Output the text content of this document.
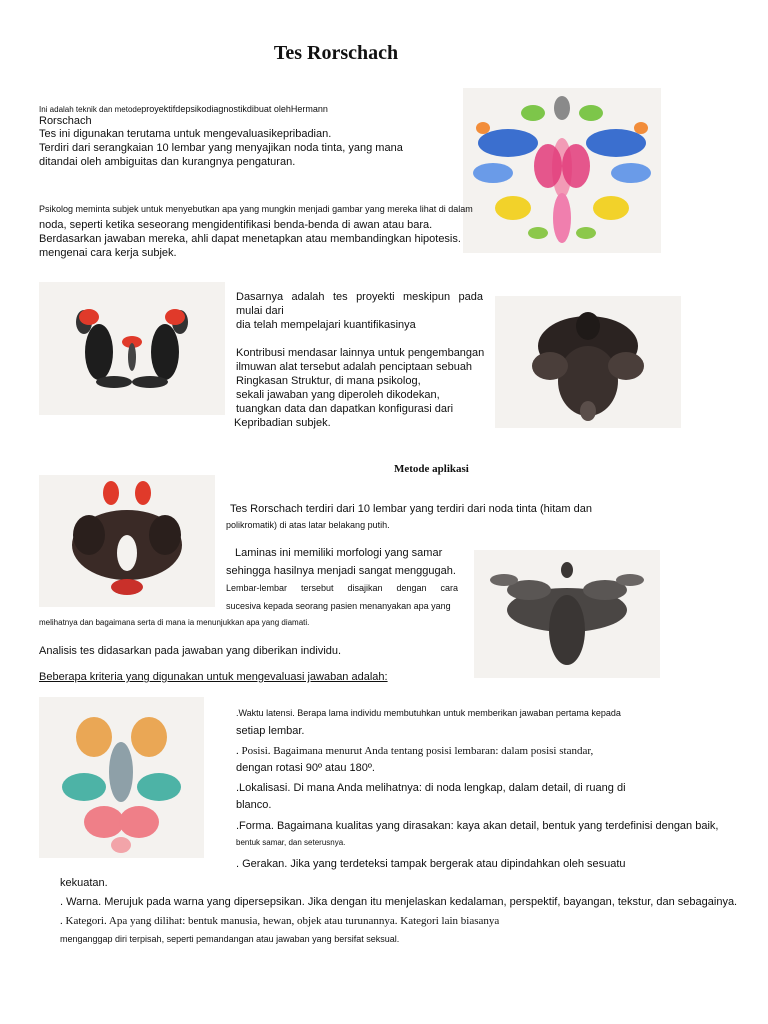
Tes Rorschach
Ini adalah teknik dan metodeproyektifdepsikodiagnostikdibuat olehHermann
Rorschach
Tes ini digunakan terutama untuk mengevaluasikepribadian.
Terdiri dari serangkaian 10 lembar yang menyajikan noda tinta, yang mana
ditandai oleh ambiguitas dan kurangnya pengaturan.
Psikolog meminta subjek untuk menyebutkan apa yang mungkin menjadi gambar yang mereka lihat di dalam
noda, seperti ketika seseorang mengidentifikasi benda-benda di awan atau bara.
Berdasarkan jawaban mereka, ahli dapat menetapkan atau membandingkan hipotesis.
mengenai cara kerja subjek.
Dasarnya adalah tes proyekti meskipun pada
mulai dari
dia telah mempelajari kuantifikasinya
Kontribusi mendasar lainnya untuk pengembangan
ilmuwan alat tersebut adalah penciptaan sebuah
Ringkasan Struktur, di mana psikolog,
sekali jawaban yang diperoleh dikodekan,
tuangkan data dan dapatkan konfigurasi dari
Kepribadian subjek.
Metode aplikasi
Tes Rorschach terdiri dari 10 lembar yang terdiri dari noda tinta (hitam dan
polikromatik) di atas latar belakang putih.
Laminas ini memiliki morfologi yang samar
sehingga hasilnya menjadi sangat menggugah.
Lembar-lembar tersebut disajikan dengan cara
sucesiva kepada seorang pasien menanyakan apa yang
melihatnya dan bagaimana serta di mana ia menunjukkan apa yang diamati.
Analisis tes didasarkan pada jawaban yang diberikan individu.
Beberapa kriteria yang digunakan untuk mengevaluasi jawaban adalah:
.Waktu latensi. Berapa lama individu membutuhkan untuk memberikan jawaban pertama kepada
setiap lembar.
. Posisi. Bagaimana menurut Anda tentang posisi lembaran: dalam posisi standar,
dengan rotasi 90º atau 180º.
.Lokalisasi. Di mana Anda melihatnya: di noda lengkap, dalam detail, di ruang di
blanco.
.Forma. Bagaimana kualitas yang dirasakan: kaya akan detail, bentuk yang terdefinisi dengan baik,
bentuk samar, dan seterusnya.
. Gerakan. Jika yang terdeteksi tampak bergerak atau dipindahkan oleh sesuatu
kekuatan.
. Warna. Merujuk pada warna yang dipersepsikan. Jika dengan itu menjelaskan kedalaman, perspektif, bayangan, tekstur, dan sebagainya.
. Kategori. Apa yang dilihat: bentuk manusia, hewan, objek atau turunannya. Kategori lain biasanya
menganggap diri terpisah, seperti pemandangan atau jawaban yang bersifat seksual.
